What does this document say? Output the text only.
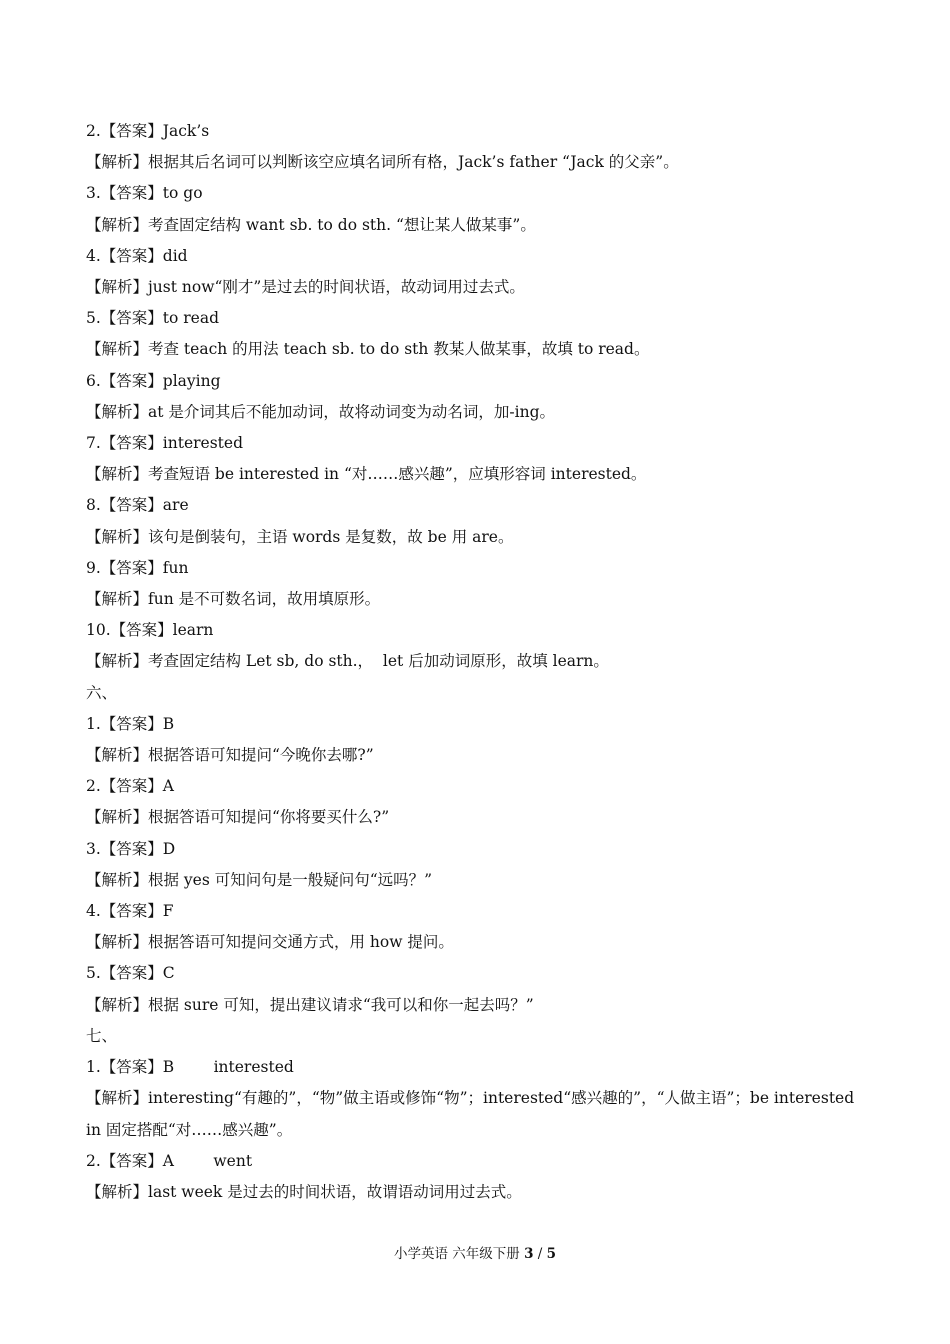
2.【答案】Jack’s

【解析】根据其后名词可以判断该空应填名词所有格，Jack’s father “Jack 的父亲”。

3.【答案】to go

【解析】考查固定结构 want sb. to do sth. “想让某人做某事”。

4.【答案】did

【解析】just now“刚才”是过去的时间状语，故动词用过去式。

5.【答案】to read

【解析】考查 teach 的用法 teach sb. to do sth 教某人做某事，故填 to read。

6.【答案】playing

【解析】at 是介词其后不能加动词，故将动词变为动名词，加-ing。

7.【答案】interested

【解析】考查短语 be interested in “对……感兴趣”，应填形容词 interested。

8.【答案】are

【解析】该句是倒装句，主语 words 是复数，故 be 用 are。

9.【答案】fun

【解析】fun 是不可数名词，故用填原形。

10.【答案】learn

【解析】考查固定结构 Let sb, do sth.，  let 后加动词原形，故填 learn。

六、

1.【答案】B

【解析】根据答语可知提问“今晚你去哪?”

2.【答案】A

【解析】根据答语可知提问“你将要买什么?”

3.【答案】D

【解析】根据 yes 可知问句是一般疑问句“远吗？”

4.【答案】F

【解析】根据答语可知提问交通方式，用 how 提问。

5.【答案】C

【解析】根据 sure 可知，提出建议请求“我可以和你一起去吗？”

七、

1.【答案】B        interested

【解析】interesting“有趣的”，“物”做主语或修饰“物”；interested“感兴趣的”，“人做主语”；be interested in 固定搭配“对……感兴趣”。

2.【答案】A        went

【解析】last week 是过去的时间状语，故谓语动词用过去式。

小学英语 六年级下册 3 / 5
